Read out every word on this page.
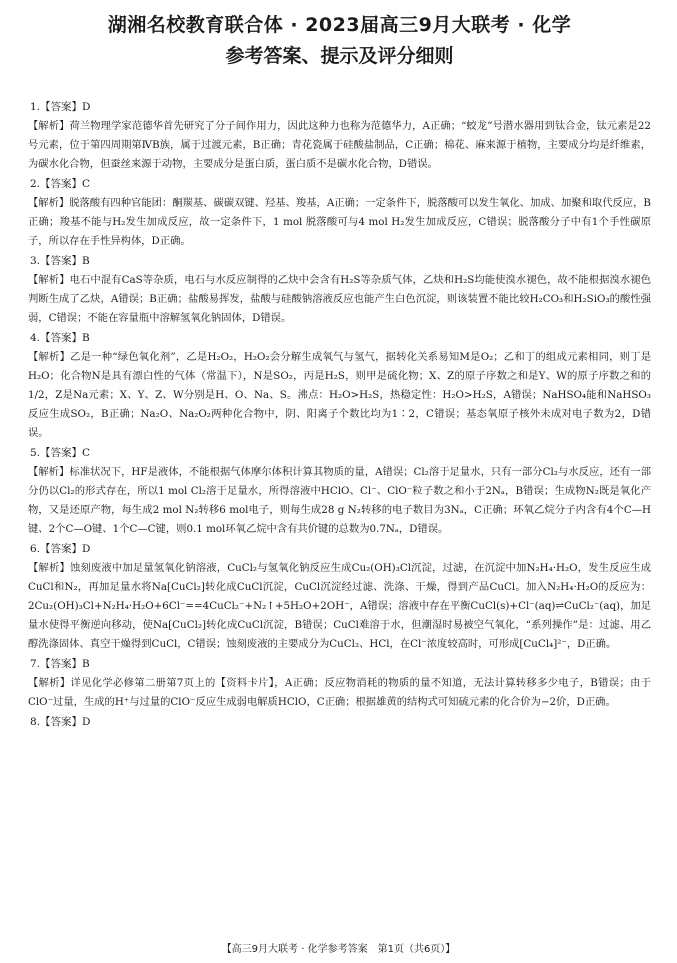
湖湘名校教育联合体 · 2023届高三9月大联考 · 化学
参考答案、提示及评分细则
1.【答案】D
【解析】荷兰物理学家范德华首先研究了分子间作用力，因此这种力也称为范德华力，A正确；“蛟龙”号潜水器用到钛合金，钛元素是22号元素，位于第四周期第ⅣB族，属于过渡元素，B正确；青花瓷属于硅酸盐制品，C正确；棉花、麻来源于植物，主要成分均是纤维素，为碳水化合物，但蚕丝来源于动物，主要成分是蛋白质，蛋白质不是碳水化合物，D错误。
2.【答案】C
【解析】脱落酸有四种官能团：酮羰基、碳碳双键、羟基、羧基，A正确；一定条件下，脱落酸可以发生氧化、加成、加聚和取代反应，B正确；羧基不能与H₂发生加成反应，故一定条件下，1 mol 脱落酸可与4 mol H₂发生加成反应，C错误；脱落酸分子中有1个手性碳原子，所以存在手性异构体，D正确。
3.【答案】B
【解析】电石中混有CaS等杂质，电石与水反应制得的乙炔中会含有H₂S等杂质气体，乙炔和H₂S均能使溴水褪色，故不能根据溴水褪色判断生成了乙炔，A错误；B正确；盐酸易挥发，盐酸与硅酸钠溶液反应也能产生白色沉淀，则该装置不能比较H₂CO₃和H₂SiO₃的酸性强弱，C错误；不能在容量瓶中溶解氢氧化钠固体，D错误。
4.【答案】B
【解析】乙是一种“绿色氧化剂”，乙是H₂O₂，H₂O₂会分解生成氧气与氢气，据转化关系易知M是O₂；乙和丁的组成元素相同，则丁是H₂O；化合物N是具有漂白性的气体（常温下），N是SO₂，丙是H₂S，则甲是硫化物；X、Z的原子序数之和是Y、W的原子序数之和的1/2，Z是Na元素；X、Y、Z、W分别是H、O、Na、S。沸点：H₂O>H₂S，热稳定性：H₂O>H₂S，A错误；NaHSO₄能和NaHSO₃反应生成SO₂，B正确；Na₂O、Na₂O₂两种化合物中，阴、阳离子个数比均为1∶2，C错误；基态氧原子核外未成对电子数为2，D错误。
5.【答案】C
【解析】标准状况下，HF是液体，不能根据气体摩尔体积计算其物质的量，A错误；Cl₂溶于足量水，只有一部分Cl₂与水反应，还有一部分仍以Cl₂的形式存在，所以1 mol Cl₂溶于足量水，所得溶液中HClO、Cl⁻、ClO⁻粒子数之和小于2Nₐ，B错误；生成物N₂既是氧化产物，又是还原产物，每生成2 mol N₂转移6 mol电子，则每生成28 g N₂转移的电子数目为3Nₐ，C正确；环氧乙烷分子内含有4个C—H键、2个C—O键、1个C—C键，则0.1 mol环氧乙烷中含有共价键的总数为0.7Nₐ，D错误。
6.【答案】D
【解析】蚀刻废液中加足量氢氧化钠溶液，CuCl₂与氢氧化钠反应生成Cu₂(OH)₃Cl沉淀，过滤，在沉淀中加N₂H₄·H₂O，发生反应生成CuCl和N₂，再加足量水将Na[CuCl₂]转化成CuCl沉淀，CuCl沉淀经过滤、洗涤、干燥，得到产品CuCl。加入N₂H₄·H₂O的反应为：2Cu₂(OH)₃Cl+N₂H₄·H₂O+6Cl⁻==4CuCl₂⁻+N₂↑+5H₂O+2OH⁻，A错误；溶液中存在平衡CuCl(s)+Cl⁻(aq)⇌CuCl₂⁻(aq)，加足量水使得平衡逆向移动，使Na[CuCl₂]转化成CuCl沉淀，B错误；CuCl难溶于水，但潮湿时易被空气氧化，“系列操作”是：过滤、用乙醇洗涤固体、真空干燥得到CuCl，C错误；蚀刻废液的主要成分为CuCl₂、HCl，在Cl⁻浓度较高时，可形成[CuCl₄]²⁻，D正确。
7.【答案】B
【解析】详见化学必修第二册第7页上的【资料卡片】，A正确；反应物消耗的物质的量不知道，无法计算转移多少电子，B错误；由于ClO⁻过量，生成的H⁺与过量的ClO⁻反应生成弱电解质HClO，C正确；根据雄黄的结构式可知硫元素的化合价为−2价，D正确。
8.【答案】D
【高三9月大联考 · 化学参考答案　第1页（共6页）】
